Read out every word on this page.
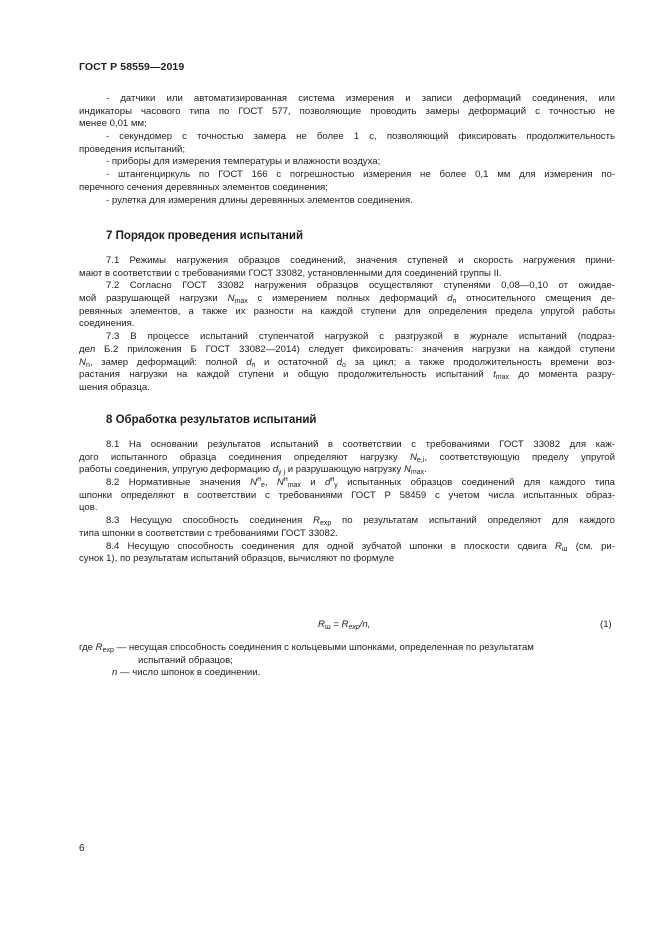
ГОСТ Р 58559—2019
- датчики или автоматизированная система измерения и записи деформаций соединения, или
индикаторы часового типа по ГОСТ 577, позволяющие проводить замеры деформаций с точностью не
менее 0,01 мм;
- секундомер с точностью замера не более 1 с, позволяющий фиксировать продолжительность
проведения испытаний;
- приборы для измерения температуры и влажности воздуха;
- штангенциркуль по ГОСТ 166 с погрешностью измерения не более 0,1 мм для измерения по-
перечного сечения деревянных элементов соединения;
- рулетка для измерения длины деревянных элементов соединения.
7 Порядок проведения испытаний
7.1 Режимы нагружения образцов соединений, значения ступеней и скорость нагружения прини-
мают в соответствии с требованиями ГОСТ 33082, установленными для соединений группы II.
7.2 Согласно ГОСТ 33082 нагружения образцов осуществляют ступенями 0,08—0,10 от ожидае-
мой разрушающей нагрузки $N_{max}$ с измерением полных деформаций $d_п$ относительного смещения де-
ревянных элементов, а также их разности на каждой ступени для определения предела упругой работы
соединения.
7.3 В процессе испытаний ступенчатой нагрузкой с разгрузкой в журнале испытаний (подраз-
дел Б.2 приложения Б ГОСТ 33082—2014) следует фиксировать: значения нагрузки на каждой ступени
$N_n$, замер деформаций: полной $d_п$ и остаточной $d_о$ за цикл; а также продолжительность времени воз-
растания нагрузки на каждой ступени и общую продолжительность испытаний $t_{max}$ до момента разру-
шения образца.
8 Обработка результатов испытаний
8.1 На основании результатов испытаний в соответствии с требованиями ГОСТ 33082 для каж-
дого испытанного образца соединения определяют нагрузку $N_{e,i}$, соответствующую пределу упругой
работы соединения, упругую деформацию $d_{y j}$ и разрушающую нагрузку $N_{max}$.
8.2 Нормативные значения $N^н_e$, $N^н_{max}$ и $d^н_y$ испытанных образцов соединений для каждого типа
шпонки определяют в соответствии с требованиями ГОСТ Р 58459 с учетом числа испытанных образ-
цов.
8.3 Несущую способность соединения $R_{exp}$ по результатам испытаний определяют для каждого
типа шпонки в соответствии с требованиями ГОСТ 33082.
8.4 Несущую способность соединения для одной зубчатой шпонки в плоскости сдвига $R_ш$ (см. ри-
сунок 1), по результатам испытаний образцов, вычисляют по формуле
$R_ш = R_{exp}/n$,	(1)
где $R_{exp}$ — несущая способность соединения с кольцевыми шпонками, определенная по результатам
испытаний образцов;
n — число шпонок в соединении.
6
